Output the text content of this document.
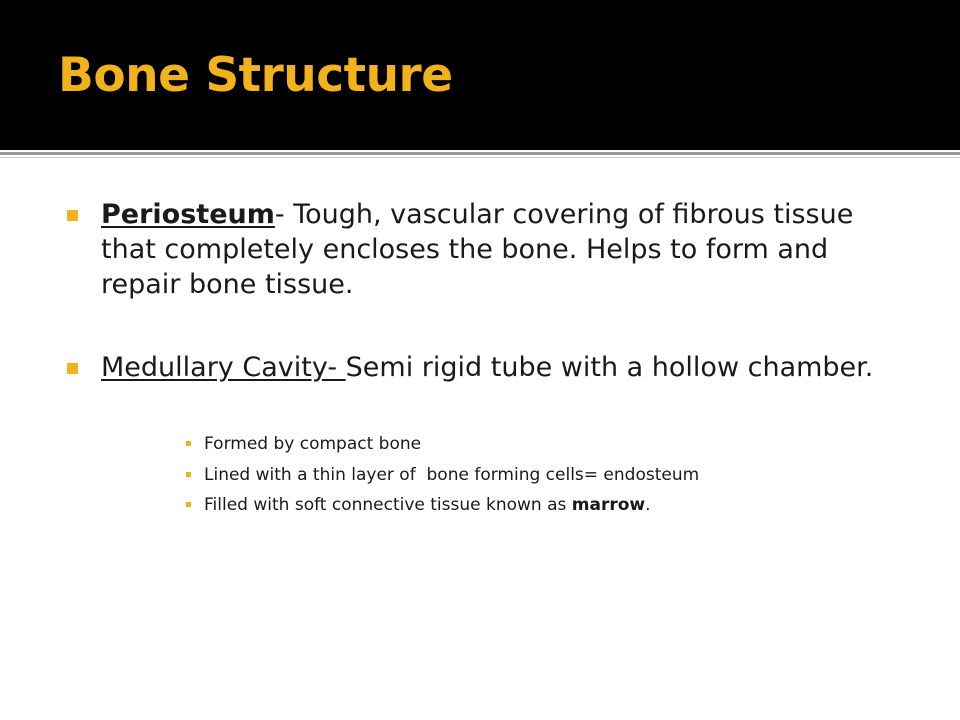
Bone Structure
Periosteum- Tough, vascular covering of fibrous tissue that completely encloses the bone. Helps to form and repair bone tissue.
Medullary Cavity- Semi rigid tube with a hollow chamber.
Formed by compact bone
Lined with a thin layer of  bone forming cells= endosteum
Filled with soft connective tissue known as marrow.
